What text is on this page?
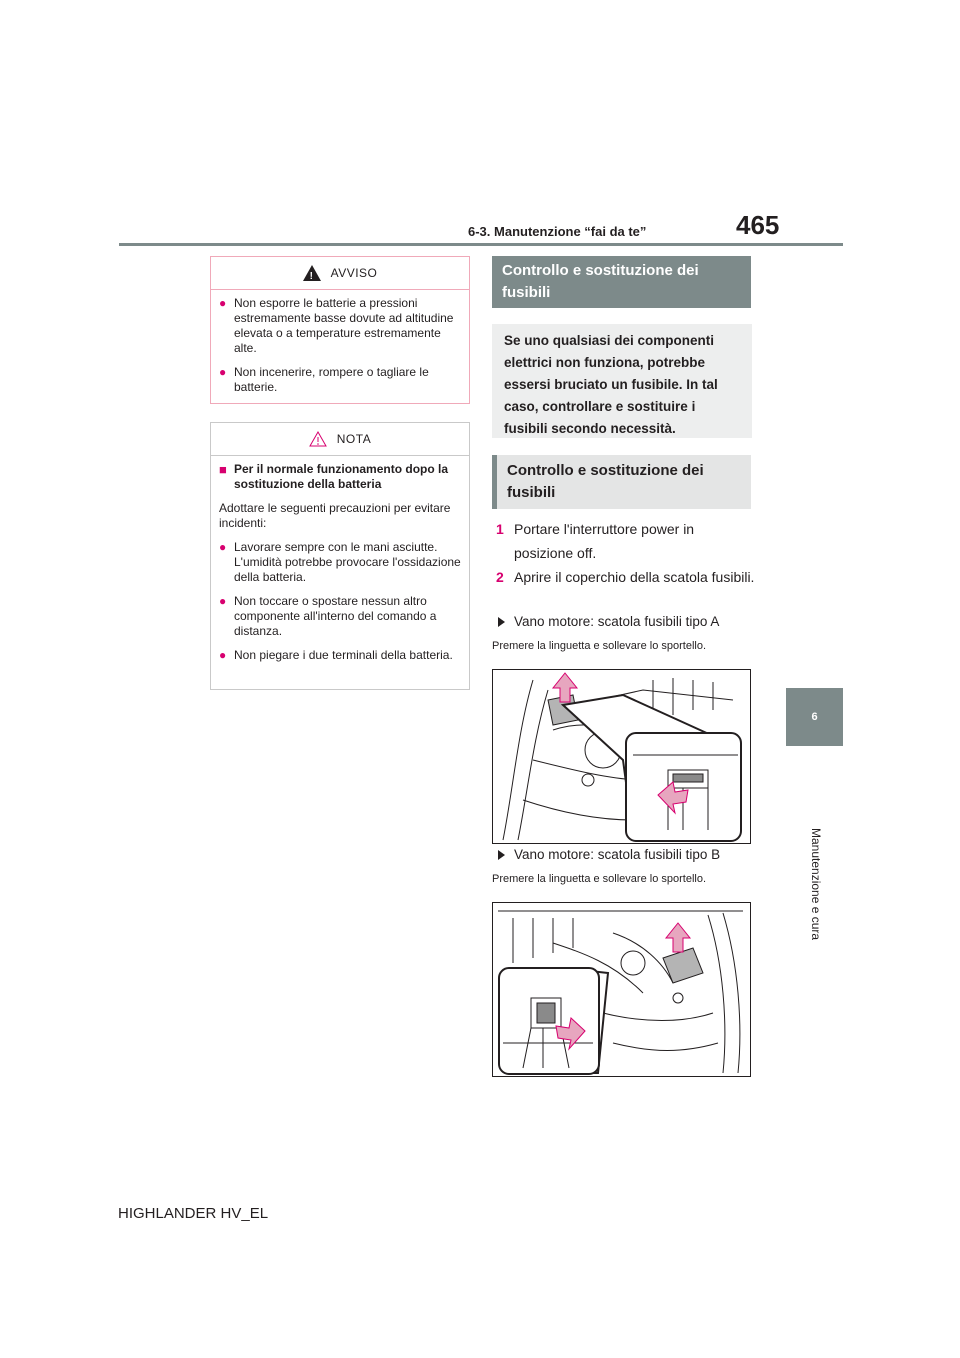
6-3. Manutenzione “fai da te”	465
6
Manutenzione e cura
! AVVISO
● Non esporre le batterie a pressioni estremamente basse dovute ad altitudine elevata o a temperature estremamente alte.
● Non incenerire, rompere o tagliare le batterie.
NOTA
■ Per il normale funzionamento dopo la sostituzione della batteria

Adottare le seguenti precauzioni per evitare incidenti:

● Lavorare sempre con le mani asciutte. L'umidità potrebbe provocare l'ossidazione della batteria.
● Non toccare o spostare nessun altro componente all'interno del comando a distanza.
● Non piegare i due terminali della batteria.
Controllo e sostituzione dei fusibili
Se uno qualsiasi dei componenti elettrici non funziona, potrebbe essersi bruciato un fusibile. In tal caso, controllare e sostituire i fusibili secondo necessità.
Controllo e sostituzione dei fusibili
1 Portare l'interruttore power in posizione off.
2 Aprire il coperchio della scatola fusibili.
Vano motore: scatola fusibili tipo A
Premere la linguetta e sollevare lo sportello.
Vano motore: scatola fusibili tipo B
Premere la linguetta e sollevare lo sportello.
HIGHLANDER HV_EL
